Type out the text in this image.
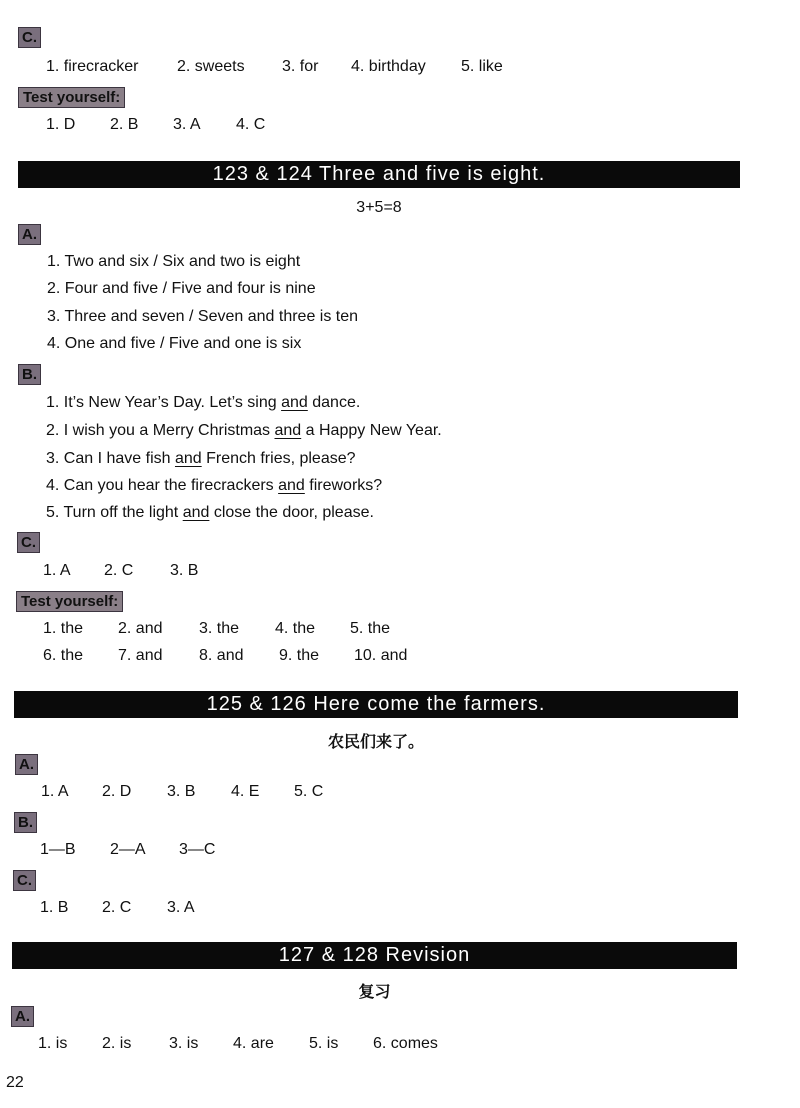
C.
1. firecracker 2. sweets 3. for 4. birthday 5. like
Test yourself:
1. D 2. B 3. A 4. C
123 & 124 Three and five is eight.
3+5=8
A.
1. Two and six / Six and two is eight
2. Four and five / Five and four is nine
3. Three and seven / Seven and three is ten
4. One and five / Five and one is six
B.
1. It’s New Year’s Day. Let’s sing and dance.
2. I wish you a Merry Christmas and a Happy New Year.
3. Can I have fish and French fries, please?
4. Can you hear the firecrackers and fireworks?
5. Turn off the light and close the door, please.
C.
1. A 2. C 3. B
Test yourself:
1. the 2. and 3. the 4. the 5. the
6. the 7. and 8. and 9. the 10. and
125 & 126 Here come the farmers.
农民们来了。
A.
1. A 2. D 3. B 4. E 5. C
B.
1—B 2—A 3—C
C.
1. B 2. C 3. A
127 & 128 Revision
复习
A.
1. is 2. is 3. is 4. are 5. is 6. comes
22
